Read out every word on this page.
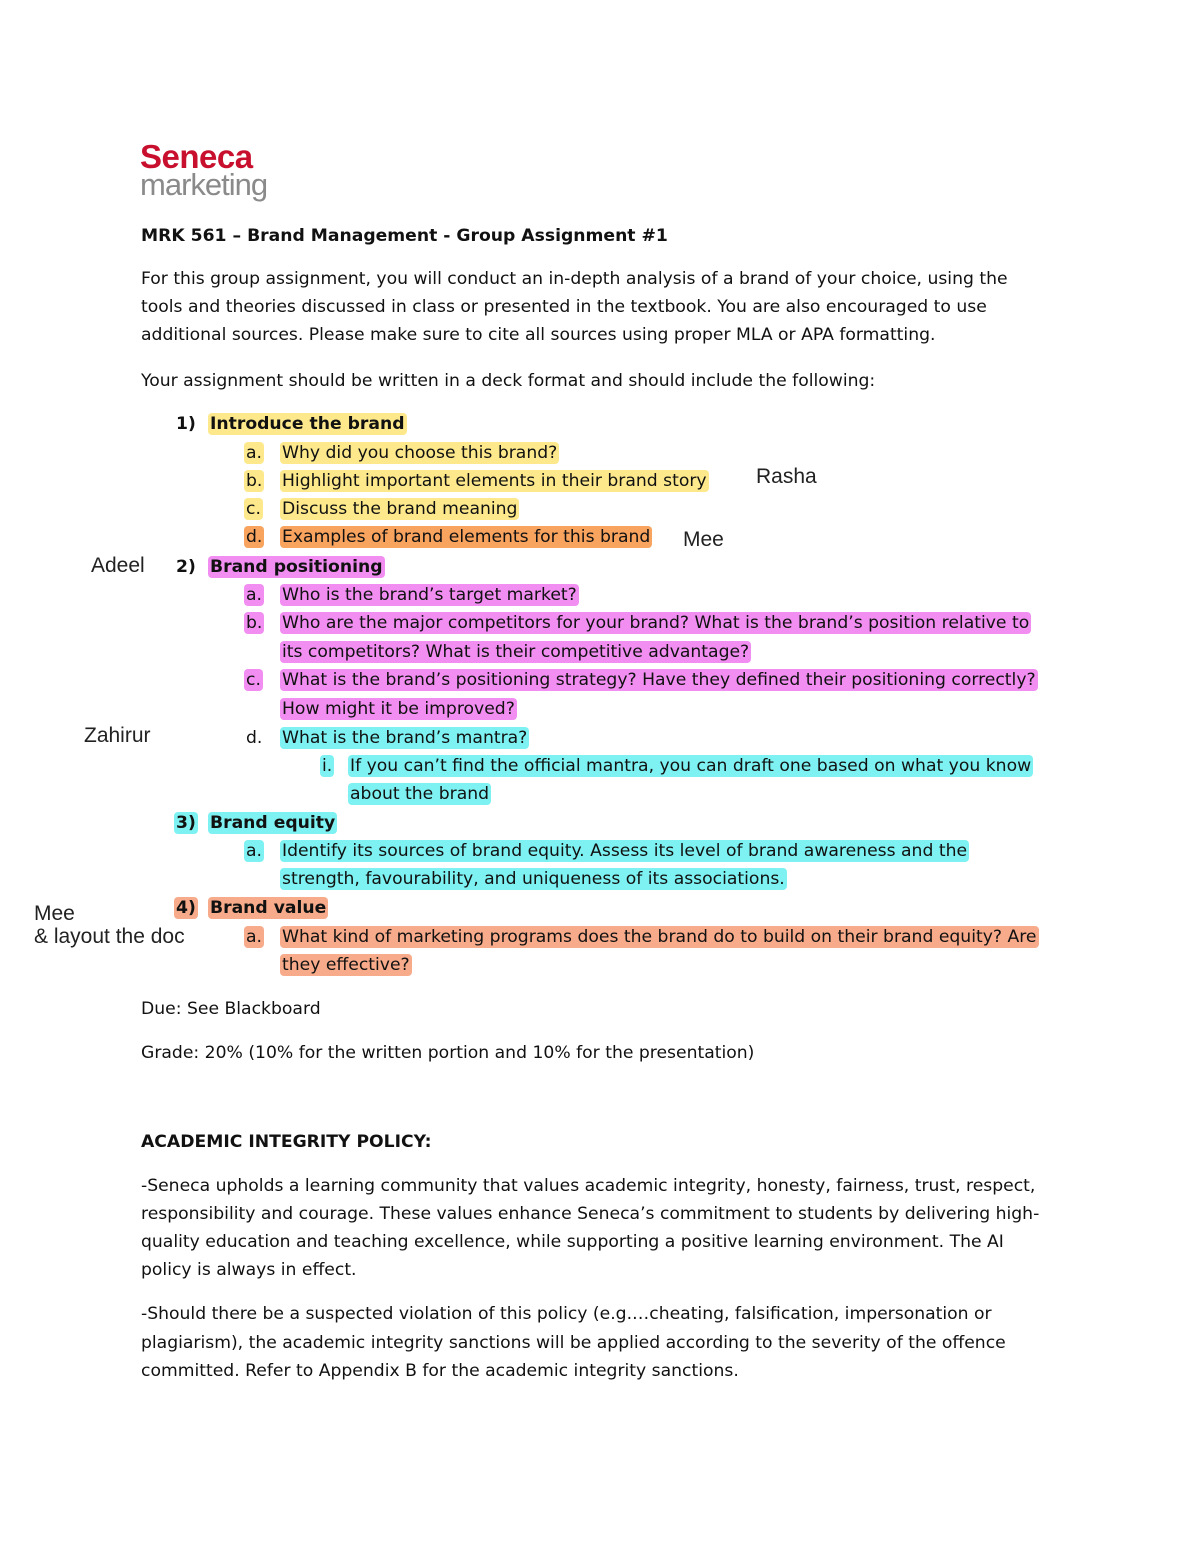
Seneca
marketing
MRK 561 – Brand Management - Group Assignment #1
For this group assignment, you will conduct an in-depth analysis of a brand of your choice, using the
tools and theories discussed in class or presented in the textbook. You are also encouraged to use
additional sources. Please make sure to cite all sources using proper MLA or APA formatting.
Your assignment should be written in a deck format and should include the following:
1) Introduce the brand
a. Why did you choose this brand?
b. Highlight important elements in their brand story
c. Discuss the brand meaning
d. Examples of brand elements for this brand
2) Brand positioning
a. Who is the brand’s target market?
b. Who are the major competitors for your brand? What is the brand’s position relative to
its competitors? What is their competitive advantage?
c. What is the brand’s positioning strategy? Have they defined their positioning correctly?
How might it be improved?
d. What is the brand’s mantra?
i. If you can’t find the official mantra, you can draft one based on what you know
about the brand
3) Brand equity
a. Identify its sources of brand equity. Assess its level of brand awareness and the
strength, favourability, and uniqueness of its associations.
4) Brand value
a. What kind of marketing programs does the brand do to build on their brand equity? Are
they effective?
Due: See Blackboard
Grade: 20% (10% for the written portion and 10% for the presentation)
ACADEMIC INTEGRITY POLICY:
-Seneca upholds a learning community that values academic integrity, honesty, fairness, trust, respect,
responsibility and courage. These values enhance Seneca’s commitment to students by delivering high-
quality education and teaching excellence, while supporting a positive learning environment. The AI
policy is always in effect.
-Should there be a suspected violation of this policy (e.g.…cheating, falsification, impersonation or
plagiarism), the academic integrity sanctions will be applied according to the severity of the offence
committed. Refer to Appendix B for the academic integrity sanctions.
Rasha
Mee
Adeel
Zahirur
Mee
& layout the doc
